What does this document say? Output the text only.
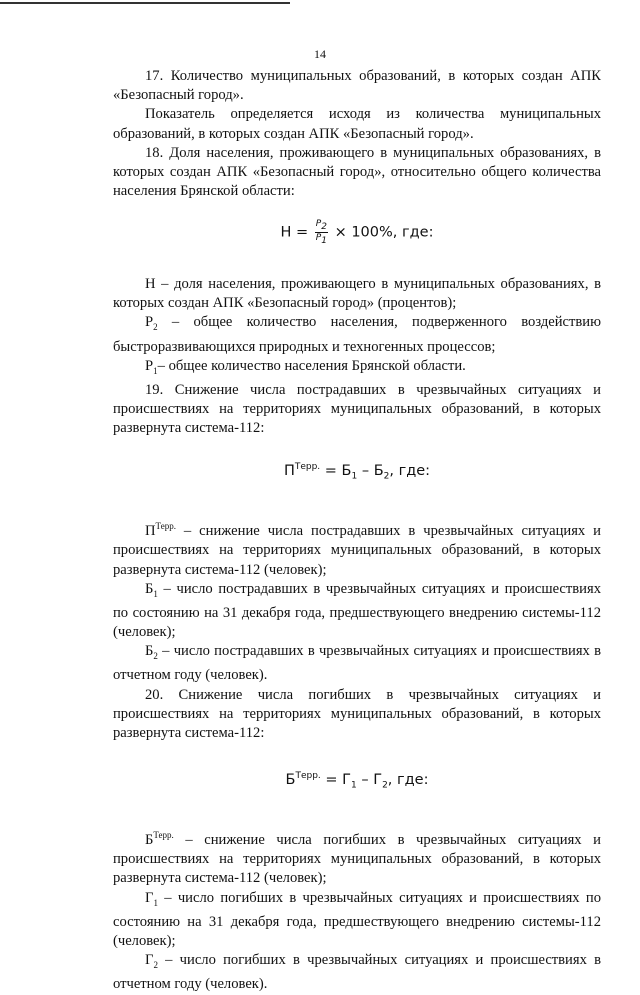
14

17. Количество муниципальных образований, в которых создан АПК «Безопасный город».

Показатель определяется исходя из количества муниципальных образований, в которых создан АПК «Безопасный город».

18. Доля населения, проживающего в муниципальных образованиях, в которых создан АПК «Безопасный город», относительно общего количества населения Брянской области:

$Н = \frac{P_2}{P_1} \times 100\%$, где:

Н – доля населения, проживающего в муниципальных образованиях, в которых создан АПК «Безопасный город» (процентов);

$Р_2$ – общее количество населения, подверженного воздействию быстроразвивающихся природных и техногенных процессов;

$Р_1-$ общее количество населения Брянской области.

19. Снижение числа пострадавших в чрезвычайных ситуациях и происшествиях на территориях муниципальных образований, в которых развернута система-112:

$П^{Терр.} = Б_1 - Б_2$, где:

$П^{Терр.}$ – снижение числа пострадавших в чрезвычайных ситуациях и происшествиях на территориях муниципальных образований, в которых развернута система-112 (человек);

$Б_1$ – число пострадавших в чрезвычайных ситуациях и происшествиях по состоянию на 31 декабря года, предшествующего внедрению системы-112 (человек);

$Б_2$ – число пострадавших в чрезвычайных ситуациях и происшествиях в отчетном году (человек).

20. Снижение числа погибших в чрезвычайных ситуациях и происшествиях на территориях муниципальных образований, в которых развернута система-112:

$Б^{Терр.} = Г_1 - Г_2$, где:

$Б^{Терр.}$ – снижение числа погибших в чрезвычайных ситуациях и происшествиях на территориях муниципальных образований, в которых развернута система-112 (человек);

$Г_1$ – число погибших в чрезвычайных ситуациях и происшествиях по состоянию на 31 декабря года, предшествующего внедрению системы-112 (человек);

$Г_2$ – число погибших в чрезвычайных ситуациях и происшествиях в отчетном году (человек).
